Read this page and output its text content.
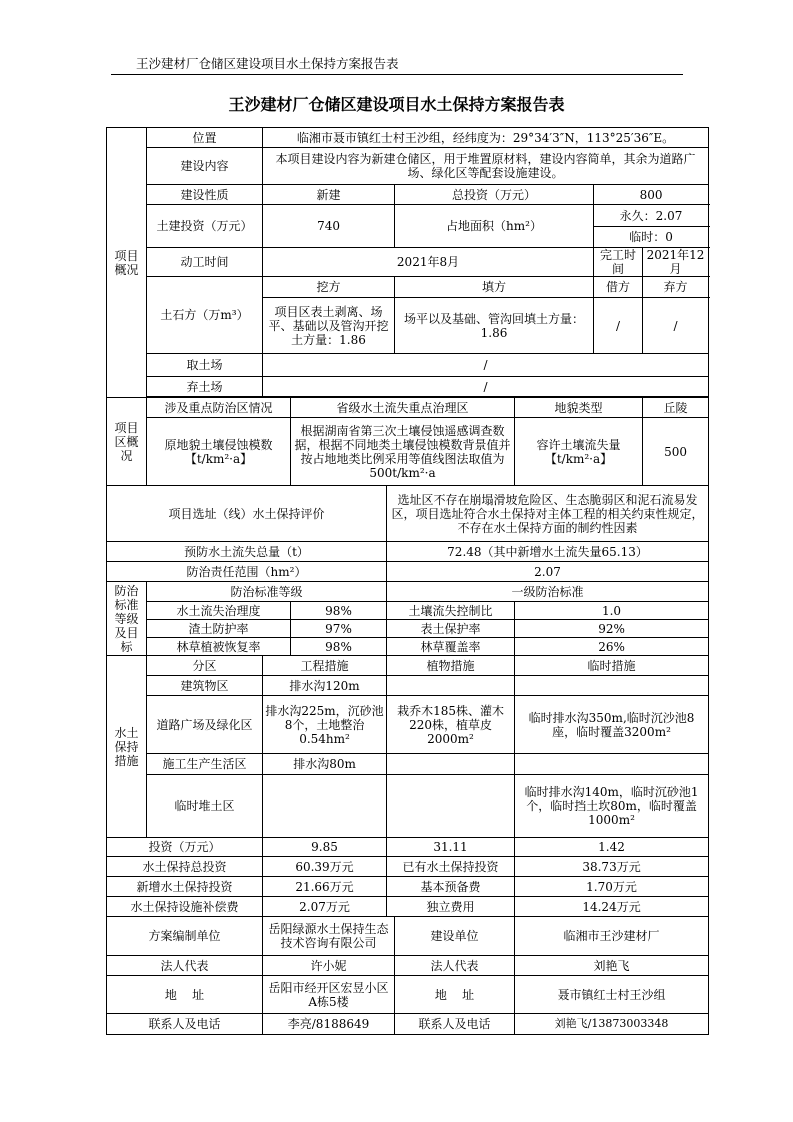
王沙建材厂仓储区建设项目水土保持方案报告表
王沙建材厂仓储区建设项目水土保持方案报告表
项目概况	位置	临湘市聂市镇红士村王沙组，经纬度为：29°34′3″N，113°25′36″E。						
	建设内容	本项目建设内容为新建仓储区，用于堆置原材料，建设内容简单，其余为道路广场、绿化区等配套设施建设。						
	建设性质	新建			总投资（万元）		800	
	土建投资（万元）	740			占地面积（hm²）		永久：2.07	
							临时：0	
	动工时间	2021年8月					完工时间	2021年12月
	土石方（万m³）	挖方			填方		借方	弃方
		项目区表土剥离、场平、基础以及管沟开挖土方量：1.86			场平以及基础、管沟回填土方量：1.86		/	/
	取土场	/						
	弃土场	/						

项目区概况	涉及重点防治区情况		省级水土流失重点治理区			地貌类型		丘陵
	原地貌土壤侵蚀模数【t/km²·a】		根据湖南省第三次土壤侵蚀遥感调查数据，根据不同地类土壤侵蚀模数背景值并按占地地类比例采用等值线图法取值为500t/km²·a			容许土壤流失量【t/km²·a】		500
项目选址（线）水土保持评价				选址区不存在崩塌滑坡危险区、生态脆弱区和泥石流易发区，项目选址符合水土保持对主体工程的相关约束性规定，不存在水土保持方面的制约性因素				
预防水土流失总量（t）				72.48（其中新增水土流失量65.13）				
防治责任范围（hm²）				2.07				
防治标准等级及目标	防治标准等级			一级防治标准				
	水土流失治理度		98%	土壤流失控制比		1.0		
	渣土防护率		97%	表土保护率		92%		
	林草植被恢复率		98%	林草覆盖率		26%		
水土保持措施	分区	工程措施		植物措施		临时措施		
	建筑物区	排水沟120m						
	道路广场及绿化区	排水沟225m，沉砂池8个，土地整治0.54hm²		栽乔木185株、灌木220株，植草皮2000m²		临时排水沟350m,临时沉沙池8座，临时覆盖3200m²		
	施工生产生活区	排水沟80m						
	临时堆土区					临时排水沟140m，临时沉砂池1个，临时挡土坎80m，临时覆盖1000m²		
投资（万元）		9.85		31.11		1.42		
水土保持总投资		60.39万元		已有水土保持投资		38.73万元		
新增水土保持投资		21.66万元		基本预备费		1.70万元		
水土保持设施补偿费		2.07万元		独立费用		14.24万元		
方案编制单位		岳阳绿源水土保持生态技术咨询有限公司			建设单位	临湘市王沙建材厂		
法人代表		许小妮			法人代表	刘艳飞		
地    址		岳阳市经开区宏昱小区A栋5楼			地    址	聂市镇红士村王沙组		
联系人及电话		李亮/8188649			联系人及电话	刘艳飞/13873003348		
